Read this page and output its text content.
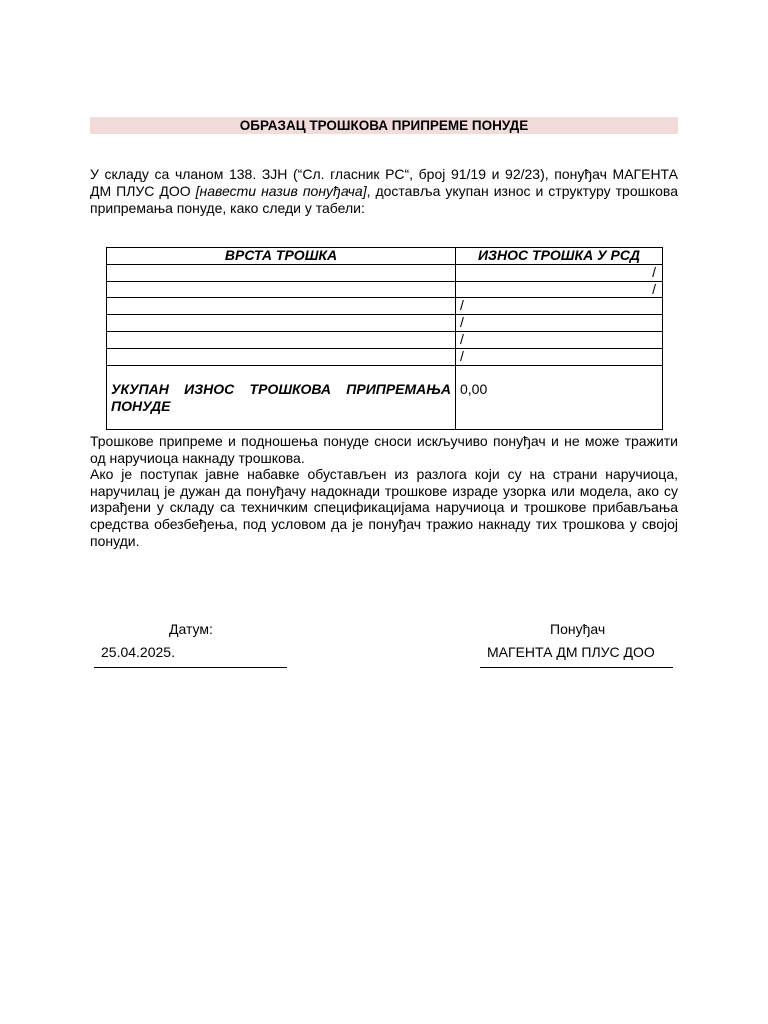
ОБРАЗАЦ ТРОШКОВА ПРИПРЕМЕ ПОНУДЕ
У складу са чланом 138. ЗЈН (“Сл. гласник РС“, број 91/19 и 92/23), понуђач МАГЕНТА ДМ ПЛУС ДОО [навести назив понуђача], доставља укупан износ и структуру трошкова припремања понуде, како следи у табели:
ВРСТА ТРОШКА	ИЗНОС ТРОШКА У РСД
	/
	/
	/
	/
	/
	/
УКУПАН ИЗНОС ТРОШКОВА ПРИПРЕМАЊА
ПОНУДЕ	0,00

Трошкове припреме и подношења понуде сноси искључиво понуђач и не може тражити од наручиоца накнаду трошкова.

Ако је поступак јавне набавке обустављен из разлога који су на страни наручиоца, наручилац је дужан да понуђачу надокнади трошкове израде узорка или модела, ако су израђени у складу са техничким спецификацијама наручиоца и трошкове прибављања средства обезбеђења, под условом да је понуђач тражио накнаду тих трошкова у својој понуди.

Датум:
25.04.2025.
Понуђач
МАГЕНТА ДМ ПЛУС ДОО
